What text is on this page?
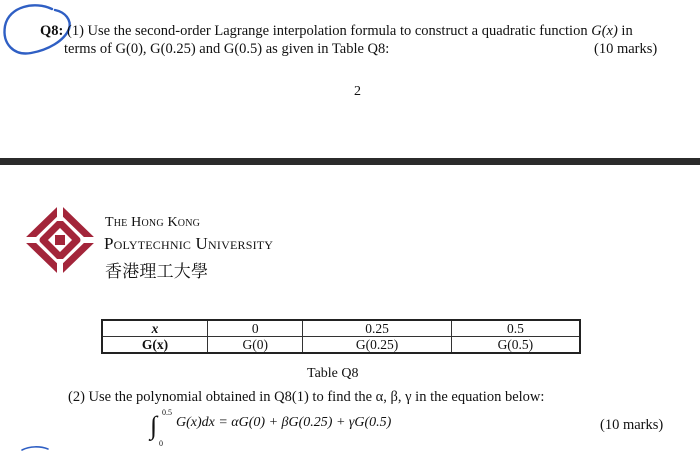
Q8: (1) Use the second-order Lagrange interpolation formula to construct a quadratic function G(x) in
terms of G(0), G(0.25) and G(0.5) as given in Table Q8:	(10 marks)
2
The Hong Kong
Polytechnic University
香港理工大學
x	0	0.25	0.5
G(x)	G(0)	G(0.25)	G(0.5)
Table Q8
(2) Use the polynomial obtained in Q8(1) to find the α, β, γ in the equation below:
∫ 0.5
0
G(x)dx = αG(0) + βG(0.25) + γG(0.5)	(10 marks)
